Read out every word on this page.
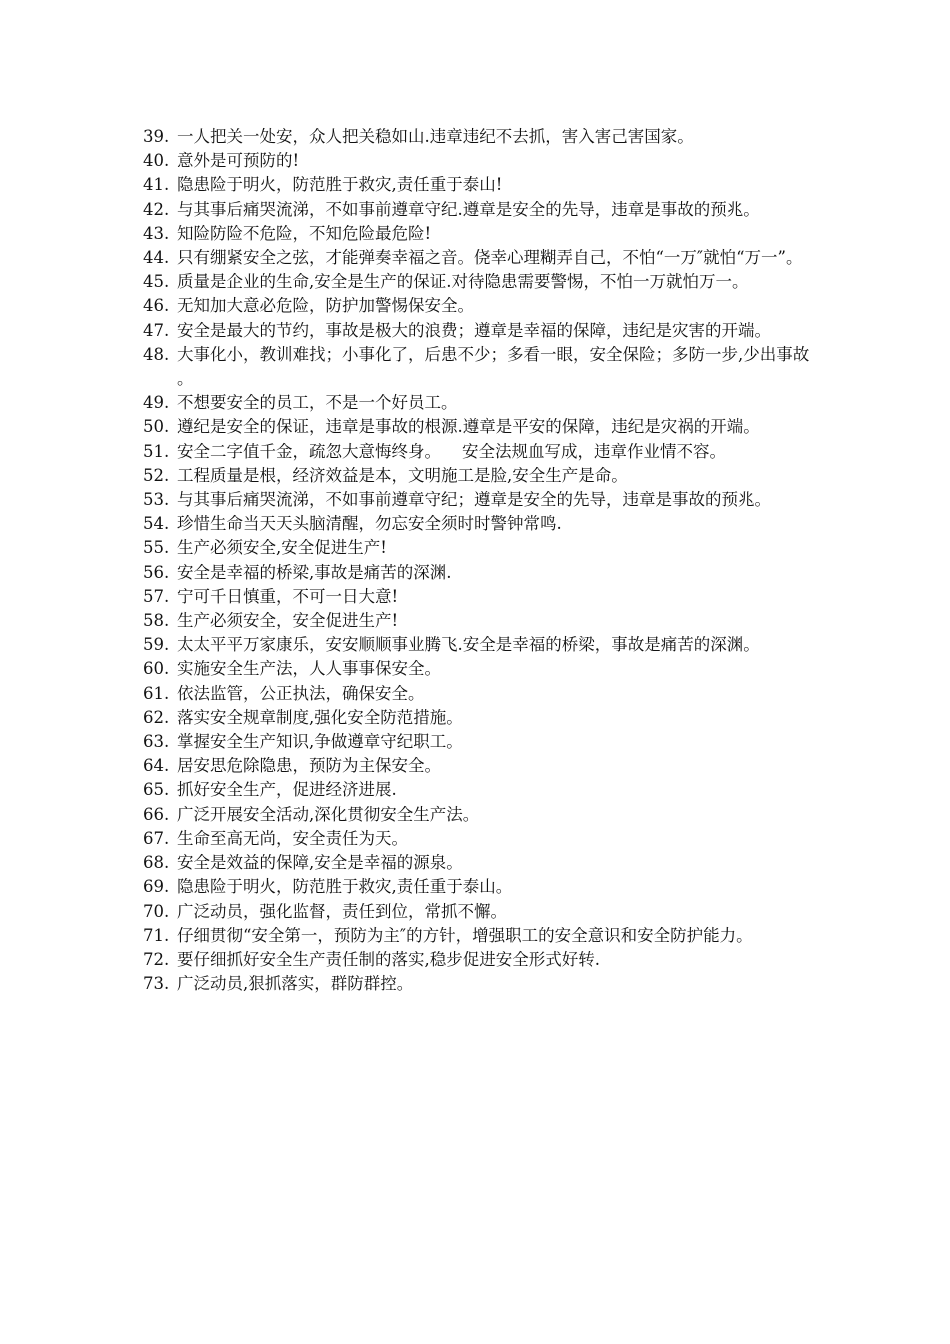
39. 一人把关一处安，众人把关稳如山.违章违纪不去抓，害入害己害国家。
40. 意外是可预防的!
41. 隐患险于明火，防范胜于救灾,责任重于泰山!
42. 与其事后痛哭流涕，不如事前遵章守纪.遵章是安全的先导，违章是事故的预兆。
43. 知险防险不危险，不知危险最危险!
44. 只有绷紧安全之弦，才能弹奏幸福之音。侥幸心理糊弄自己，不怕“一万″就怕“万一”。
45. 质量是企业的生命,安全是生产的保证.对待隐患需要警惕，不怕一万就怕万一。
46. 无知加大意必危险，防护加警惕保安全。
47. 安全是最大的节约，事故是极大的浪费；遵章是幸福的保障，违纪是灾害的开端。
48. 大事化小，教训难找；小事化了，后患不少；多看一眼，安全保险；多防一步,少出事故。
49. 不想要安全的员工，不是一个好员工。
50. 遵纪是安全的保证，违章是事故的根源.遵章是平安的保障，违纪是灾祸的开端。
51. 安全二字值千金，疏忽大意悔终身。    安全法规血写成，违章作业情不容。
52. 工程质量是根，经济效益是本，文明施工是脸,安全生产是命。
53. 与其事后痛哭流涕，不如事前遵章守纪；遵章是安全的先导，违章是事故的预兆。
54. 珍惜生命当天天头脑清醒，勿忘安全须时时警钟常鸣.
55. 生产必须安全,安全促进生产!
56. 安全是幸福的桥梁,事故是痛苦的深渊.
57. 宁可千日慎重，不可一日大意!
58. 生产必须安全，安全促进生产!
59. 太太平平万家康乐，安安顺顺事业腾飞.安全是幸福的桥梁，事故是痛苦的深渊。
60. 实施安全生产法，人人事事保安全。
61. 依法监管，公正执法，确保安全。
62. 落实安全规章制度,强化安全防范措施。
63. 掌握安全生产知识,争做遵章守纪职工。
64. 居安思危除隐患，预防为主保安全。
65. 抓好安全生产，促进经济进展.
66. 广泛开展安全活动,深化贯彻安全生产法。
67. 生命至高无尚，安全责任为天。
68. 安全是效益的保障,安全是幸福的源泉。
69. 隐患险于明火，防范胜于救灾,责任重于泰山。
70. 广泛动员，强化监督，责任到位，常抓不懈。
71. 仔细贯彻“安全第一，预防为主″的方针，增强职工的安全意识和安全防护能力。
72. 要仔细抓好安全生产责任制的落实,稳步促进安全形式好转.
73. 广泛动员,狠抓落实，群防群控。
